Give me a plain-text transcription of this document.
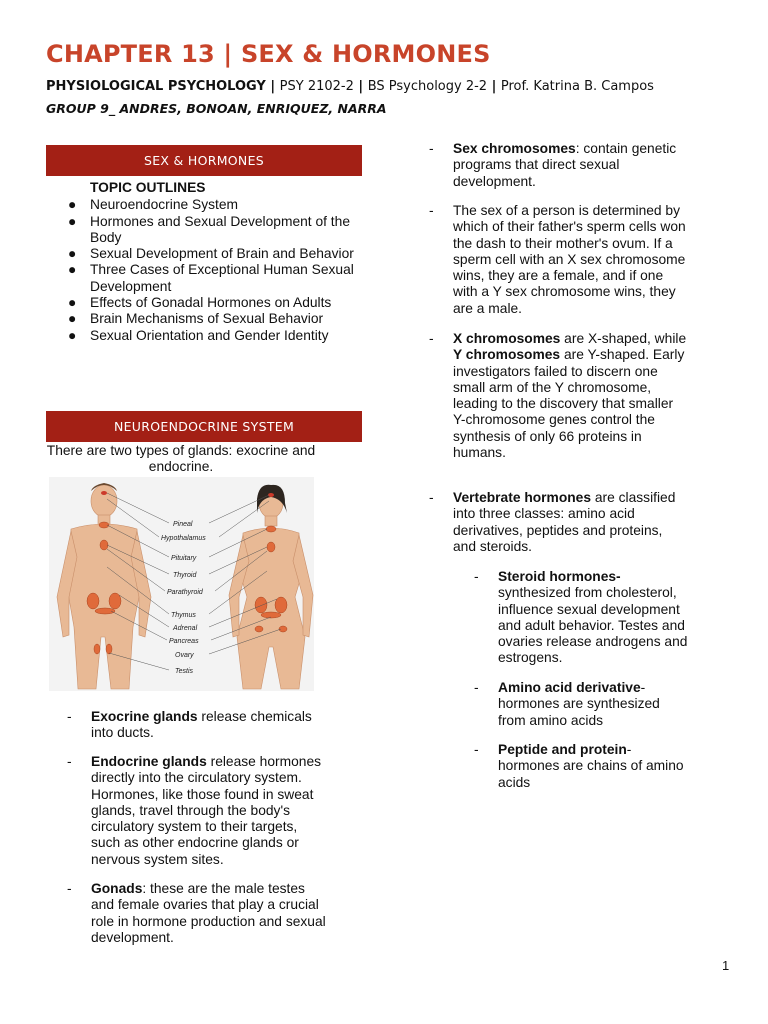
CHAPTER 13 | SEX & HORMONES
PHYSIOLOGICAL PSYCHOLOGY | PSY 2102-2 | BS Psychology 2-2 | Prof. Katrina B. Campos
GROUP 9_ ANDRES, BONOAN, ENRIQUEZ, NARRA
SEX & HORMONES
TOPIC OUTLINES
● Neuroendocrine System
● Hormones and Sexual Development of the Body
● Sexual Development of Brain and Behavior
● Three Cases of Exceptional Human Sexual Development
● Effects of Gonadal Hormones on Adults
● Brain Mechanisms of Sexual Behavior
● Sexual Orientation and Gender Identity
NEUROENDOCRINE SYSTEM
There are two types of glands: exocrine and endocrine.
Pineal
Hypothalamus
Pituitary
Thyroid
Parathyroid
Thymus
Adrenal
Pancreas
Ovary
Testis
- Exocrine glands release chemicals into ducts.
- Endocrine glands release hormones directly into the circulatory system. Hormones, like those found in sweat glands, travel through the body's circulatory system to their targets, such as other endocrine glands or nervous system sites.
- Gonads: these are the male testes and female ovaries that play a crucial role in hormone production and sexual development.
- Sex chromosomes: contain genetic programs that direct sexual development.
- The sex of a person is determined by which of their father's sperm cells won the dash to their mother's ovum. If a sperm cell with an X sex chromosome wins, they are a female, and if one with a Y sex chromosome wins, they are a male.
- X chromosomes are X-shaped, while Y chromosomes are Y-shaped. Early investigators failed to discern one small arm of the Y chromosome, leading to the discovery that smaller Y-chromosome genes control the synthesis of only 66 proteins in humans.
- Vertebrate hormones are classified into three classes: amino acid derivatives, peptides and proteins, and steroids.
- Steroid hormones- synthesized from cholesterol, influence sexual development and adult behavior. Testes and ovaries release androgens and estrogens.
- Amino acid derivative- hormones are synthesized from amino acids
- Peptide and protein- hormones are chains of amino acids
1
